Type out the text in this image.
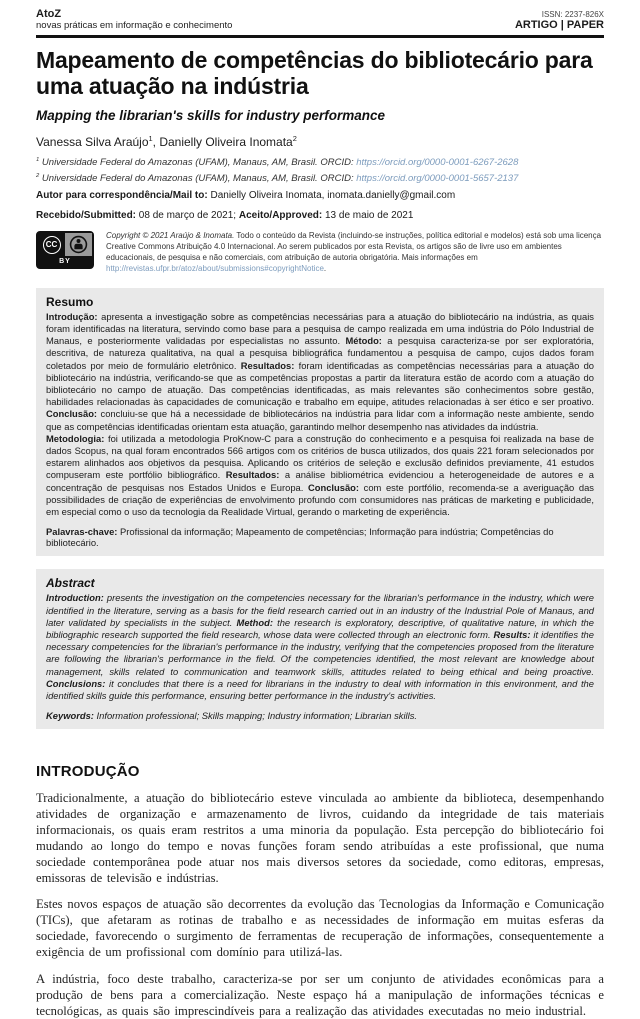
AtoZ
novas práticas em informação e conhecimento
ISSN: 2237-826X
ARTIGO | PAPER
Mapeamento de competências do bibliotecário para uma atuação na indústria
Mapping the librarian's skills for industry performance
Vanessa Silva Araújo$^1$, Danielly Oliveira Inomata$^2$

$^1$ Universidade Federal do Amazonas (UFAM), Manaus, AM, Brasil. ORCID: https://orcid.org/0000-0001-6267-2628

$^2$ Universidade Federal do Amazonas (UFAM), Manaus, AM, Brasil. ORCID: https://orcid.org/0000-0001-5657-2137

Autor para correspondência/Mail to: Danielly Oliveira Inomata, inomata.danielly@gmail.com
Recebido/Submitted: 08 de março de 2021; Aceito/Approved: 13 de maio de 2021
CC
BY
Copyright © 2021 Araújo & Inomata. Todo o conteúdo da Revista (incluindo-se instruções, política editorial e modelos) está sob uma licença Creative Commons Atribuição 4.0 Internacional. Ao serem publicados por esta Revista, os artigos são de livre uso em ambientes educacionais, de pesquisa e não comerciais, com atribuição de autoria obrigatória. Mais informações em http://revistas.ufpr.br/atoz/about/submissions#copyrightNotice.
Resumo

Introdução: apresenta a investigação sobre as competências necessárias para a atuação do bibliotecário na indústria, as quais foram identificadas na literatura, servindo como base para a pesquisa de campo realizada em uma indústria do Pólo Industrial de Manaus, e posteriormente validadas por especialistas no assunto. Método: a pesquisa caracteriza-se por ser exploratória, descritiva, de natureza qualitativa, na qual a pesquisa bibliográfica fundamentou a pesquisa de campo, cujos dados foram coletados por meio de formulário eletrônico. Resultados: foram identificadas as competências necessárias para a atuação do bibliotecário na indústria, verificando-se que as competências propostas a partir da literatura estão de acordo com a atuação do bibliotecário no campo de atuação. Das competências identificadas, as mais relevantes são conhecimentos sobre gestão, habilidades relacionadas às capacidades de comunicação e trabalho em equipe, atitudes relacionadas à ser ético e ser proativo. Conclusão: concluiu-se que há a necessidade de bibliotecários na indústria para lidar com a informação neste ambiente, sendo que as competências identificadas orientam esta atuação, garantindo melhor desempenho nas atividades da indústria.

Metodologia: foi utilizada a metodologia ProKnow-C para a construção do conhecimento e a pesquisa foi realizada na base de dados Scopus, na qual foram encontrados 566 artigos com os critérios de busca utilizados, dos quais 221 foram selecionados por estarem alinhados aos objetivos da pesquisa. Aplicando os critérios de seleção e exclusão definidos previamente, 41 estudos compuseram este portfólio bibliográfico. Resultados: a análise bibliométrica evidenciou a heterogeneidade de autores e a concentração de pesquisas nos Estados Unidos e Europa. Conclusão: com este portfólio, recomenda-se a averiguação das possibilidades de criação de experiências de envolvimento profundo com consumidores nas práticas de marketing e publicidade, em especial como o uso da tecnologia da Realidade Virtual, gerando o marketing de experiência.

Palavras-chave: Profissional da informação; Mapeamento de competências; Informação para indústria; Competências do bibliotecário.
Abstract

Introduction: presents the investigation on the competencies necessary for the librarian's performance in the industry, which were identified in the literature, serving as a basis for the field research carried out in an industry of the Industrial Pole of Manaus, and later validated by specialists in the subject. Method: the research is exploratory, descriptive, of qualitative nature, in which the bibliographic research supported the field research, whose data were collected through an electronic form. Results: it identifies the necessary competencies for the librarian's performance in the industry, verifying that the competencies proposed from the literature are following the librarian's performance in the field. Of the competencies identified, the most relevant are knowledge about management, skills related to communication and teamwork skills, attitudes related to being ethical and being proactive. Conclusions: it concludes that there is a need for librarians in the industry to deal with information in this environment, and the identified skills guide this performance, ensuring better performance in the industry's activities.

Keywords: Information professional; Skills mapping; Industry information; Librarian skills.
INTRODUÇÃO

Tradicionalmente, a atuação do bibliotecário esteve vinculada ao ambiente da biblioteca, desempenhando atividades de organização e armazenamento de livros, cuidando da integridade de tais materiais informacionais, os quais eram restritos a uma minoria da população. Esta percepção do bibliotecário foi mudando ao longo do tempo e novas funções foram sendo atribuídas a este profissional, que numa sociedade contemporânea pode atuar nos mais diversos setores da sociedade, como editoras, empresas, emissoras de televisão e indústrias.

Estes novos espaços de atuação são decorrentes da evolução das Tecnologias da Informação e Comunicação (TICs), que afetaram as rotinas de trabalho e as necessidades de informação em muitas esferas da sociedade, favorecendo o surgimento de ferramentas de recuperação de informações, consequentemente a exigência de um profissional com domínio para utilizá-las.

A indústria, foco deste trabalho, caracteriza-se por ser um conjunto de atividades econômicas para a produção de bens para a comercialização. Neste espaço há a manipulação de informações técnicas e tecnológicas, as quais são imprescindíveis para a realização das atividades executadas no meio industrial.
